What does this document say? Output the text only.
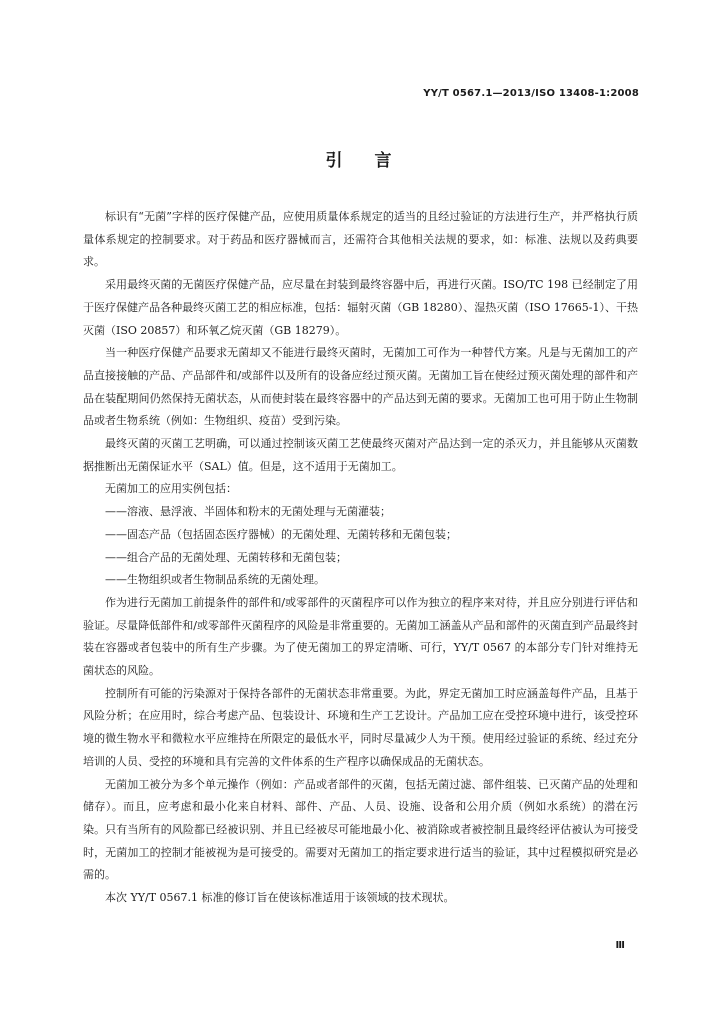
YY/T 0567.1—2013/ISO 13408-1:2008
引言

标识有“无菌”字样的医疗保健产品，应使用质量体系规定的适当的且经过验证的方法进行生产，并严格执行质量体系规定的控制要求。对于药品和医疗器械而言，还需符合其他相关法规的要求，如：标准、法规以及药典要求。

采用最终灭菌的无菌医疗保健产品，应尽量在封装到最终容器中后，再进行灭菌。ISO/TC 198 已经制定了用于医疗保健产品各种最终灭菌工艺的相应标准，包括：辐射灭菌（GB 18280）、湿热灭菌（ISO 17665-1）、干热灭菌（ISO 20857）和环氧乙烷灭菌（GB 18279）。

当一种医疗保健产品要求无菌却又不能进行最终灭菌时，无菌加工可作为一种替代方案。凡是与无菌加工的产品直接接触的产品、产品部件和/或部件以及所有的设备应经过预灭菌。无菌加工旨在使经过预灭菌处理的部件和产品在装配期间仍然保持无菌状态，从而使封装在最终容器中的产品达到无菌的要求。无菌加工也可用于防止生物制品或者生物系统（例如：生物组织、疫苗）受到污染。

最终灭菌的灭菌工艺明确，可以通过控制该灭菌工艺使最终灭菌对产品达到一定的杀灭力，并且能够从灭菌数据推断出无菌保证水平（SAL）值。但是，这不适用于无菌加工。

无菌加工的应用实例包括：

——溶液、悬浮液、半固体和粉末的无菌处理与无菌灌装；

——固态产品（包括固态医疗器械）的无菌处理、无菌转移和无菌包装；

——组合产品的无菌处理、无菌转移和无菌包装；

——生物组织或者生物制品系统的无菌处理。

作为进行无菌加工前提条件的部件和/或零部件的灭菌程序可以作为独立的程序来对待，并且应分别进行评估和验证。尽量降低部件和/或零部件灭菌程序的风险是非常重要的。无菌加工涵盖从产品和部件的灭菌直到产品最终封装在容器或者包装中的所有生产步骤。为了使无菌加工的界定清晰、可行，YY/T 0567 的本部分专门针对维持无菌状态的风险。

控制所有可能的污染源对于保持各部件的无菌状态非常重要。为此，界定无菌加工时应涵盖每件产品，且基于风险分析；在应用时，综合考虑产品、包装设计、环境和生产工艺设计。产品加工应在受控环境中进行，该受控环境的微生物水平和微粒水平应维持在所限定的最低水平，同时尽量减少人为干预。使用经过验证的系统、经过充分培训的人员、受控的环境和具有完善的文件体系的生产程序以确保成品的无菌状态。

无菌加工被分为多个单元操作（例如：产品或者部件的灭菌，包括无菌过滤、部件组装、已灭菌产品的处理和储存）。而且，应考虑和最小化来自材料、部件、产品、人员、设施、设备和公用介质（例如水系统）的潜在污染。只有当所有的风险都已经被识别、并且已经被尽可能地最小化、被消除或者被控制且最终经评估被认为可接受时，无菌加工的控制才能被视为是可接受的。需要对无菌加工的指定要求进行适当的验证，其中过程模拟研究是必需的。

本次 YY/T 0567.1 标准的修订旨在使该标准适用于该领域的技术现状。

Ⅲ
